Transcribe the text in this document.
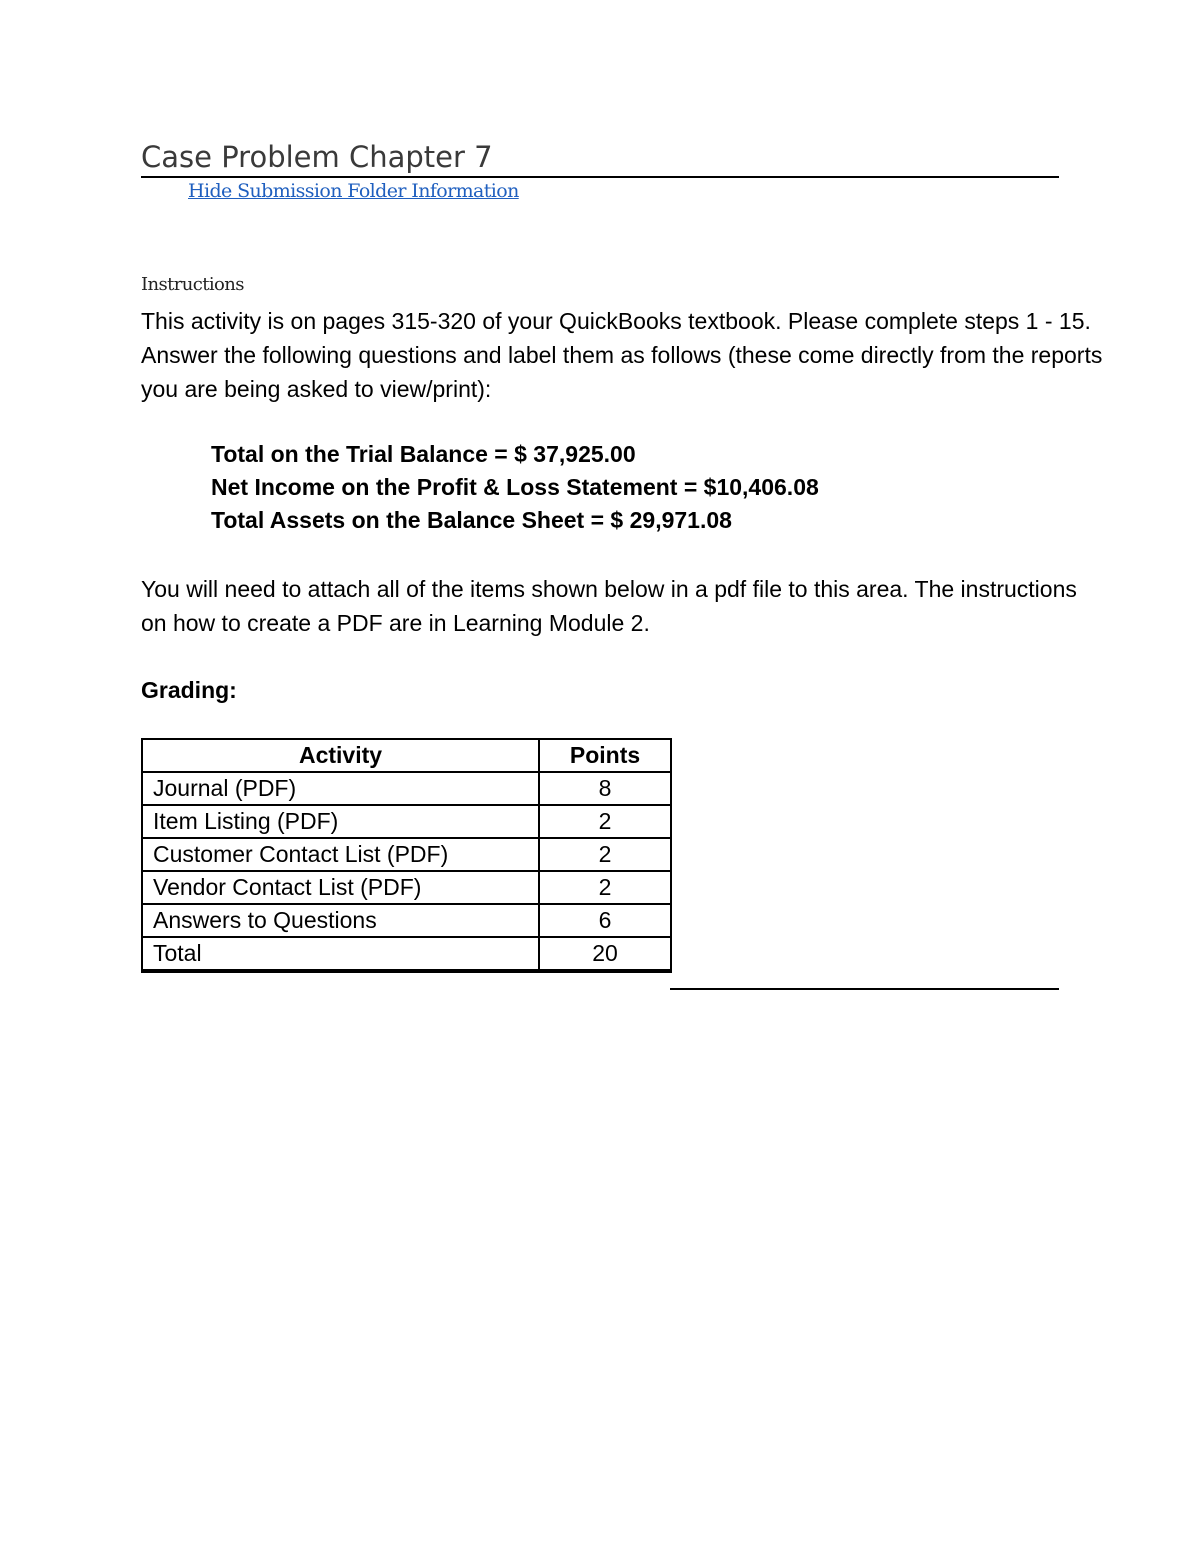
Case Problem Chapter 7
Hide Submission Folder Information
Instructions
This activity is on pages 315-320 of your QuickBooks textbook. Please complete steps 1 - 15.
Answer the following questions and label them as follows (these come directly from the reports
you are being asked to view/print):
Total on the Trial Balance = $ 37,925.00
Net Income on the Profit & Loss Statement = $10,406.08
Total Assets on the Balance Sheet = $ 29,971.08
You will need to attach all of the items shown below in a pdf file to this area. The instructions
on how to create a PDF are in Learning Module 2.
Grading:
Activity	Points
Journal (PDF)	8
Item Listing (PDF)	2
Customer Contact List (PDF)	2
Vendor Contact List (PDF)	2
Answers to Questions	6
Total	20
